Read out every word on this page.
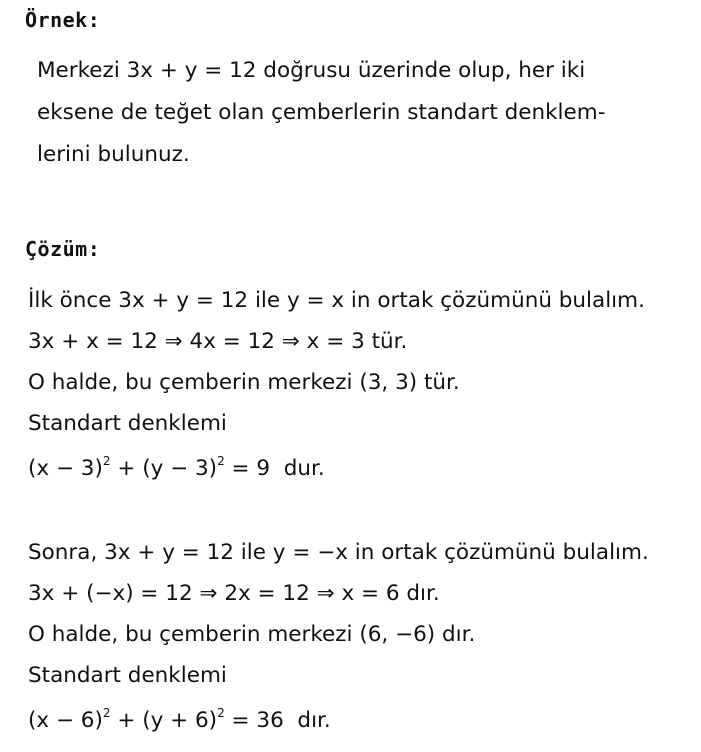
Örnek:
Merkezi 3x + y = 12 doğrusu üzerinde olup, her iki
eksene de teğet olan çemberlerin standart denklem-
lerini bulunuz.
Çözüm:
İlk önce 3x + y = 12 ile y = x in ortak çözümünü bulalım.
3x + x = 12 ⇒ 4x = 12 ⇒ x = 3 tür.
O halde, bu çemberin merkezi (3, 3) tür.
Standart denklemi
$(x - 3)^2 + (y - 3)^2 = 9$  dur.
Sonra, 3x + y = 12 ile y = −x in ortak çözümünü bulalım.
3x + (−x) = 12 ⇒ 2x = 12 ⇒ x = 6 dır.
O halde, bu çemberin merkezi (6, −6) dır.
Standart denklemi
$(x - 6)^2 + (y + 6)^2 = 36$  dır.
